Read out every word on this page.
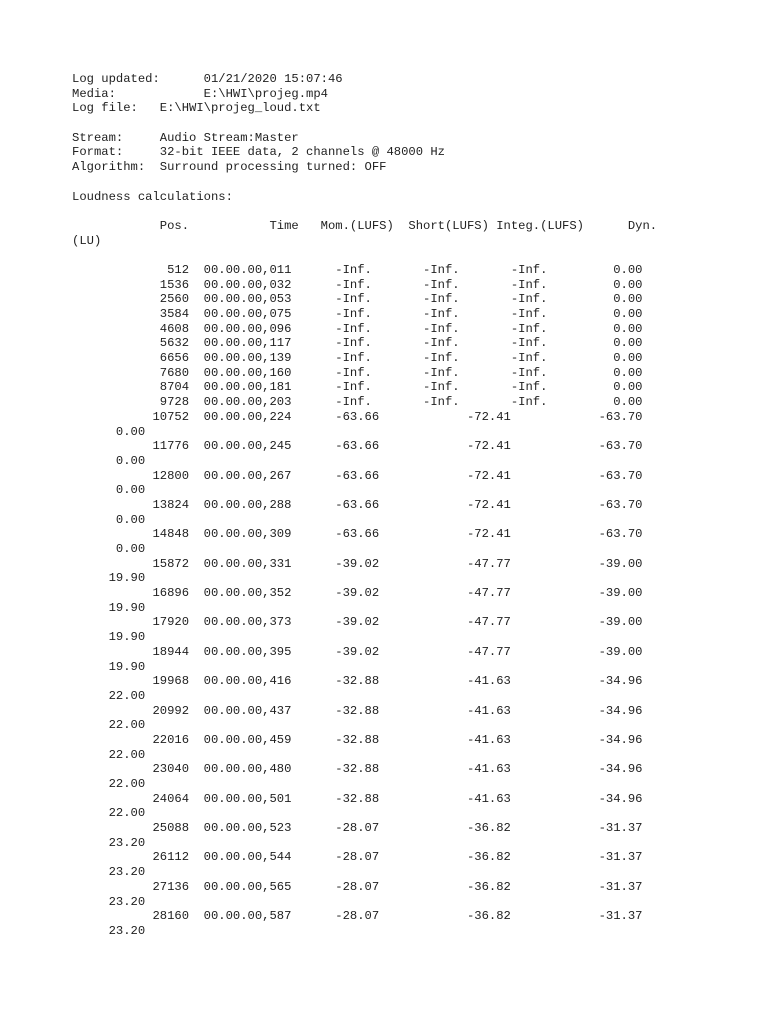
Log updated:      01/21/2020 15:07:46
Media:            E:\HWI\projeg.mp4
Log file:   E:\HWI\projeg_loud.txt
Stream:     Audio Stream:Master
Format:     32-bit IEEE data, 2 channels @ 48000 Hz
Algorithm:  Surround processing turned: OFF
Loudness calculations:
Pos.           Time   Mom.(LUFS)  Short(LUFS) Integ.(LUFS)      Dyn.
(LU)
512  00.00.00,011      -Inf.       -Inf.       -Inf.         0.00
1536  00.00.00,032      -Inf.       -Inf.       -Inf.         0.00
2560  00.00.00,053      -Inf.       -Inf.       -Inf.         0.00
3584  00.00.00,075      -Inf.       -Inf.       -Inf.         0.00
4608  00.00.00,096      -Inf.       -Inf.       -Inf.         0.00
5632  00.00.00,117      -Inf.       -Inf.       -Inf.         0.00
6656  00.00.00,139      -Inf.       -Inf.       -Inf.         0.00
7680  00.00.00,160      -Inf.       -Inf.       -Inf.         0.00
8704  00.00.00,181      -Inf.       -Inf.       -Inf.         0.00
9728  00.00.00,203      -Inf.       -Inf.       -Inf.         0.00
10752  00.00.00,224      -63.66            -72.41            -63.70
0.00
11776  00.00.00,245      -63.66            -72.41            -63.70
0.00
12800  00.00.00,267      -63.66            -72.41            -63.70
0.00
13824  00.00.00,288      -63.66            -72.41            -63.70
0.00
14848  00.00.00,309      -63.66            -72.41            -63.70
0.00
15872  00.00.00,331      -39.02            -47.77            -39.00
19.90
16896  00.00.00,352      -39.02            -47.77            -39.00
19.90
17920  00.00.00,373      -39.02            -47.77            -39.00
19.90
18944  00.00.00,395      -39.02            -47.77            -39.00
19.90
19968  00.00.00,416      -32.88            -41.63            -34.96
22.00
20992  00.00.00,437      -32.88            -41.63            -34.96
22.00
22016  00.00.00,459      -32.88            -41.63            -34.96
22.00
23040  00.00.00,480      -32.88            -41.63            -34.96
22.00
24064  00.00.00,501      -32.88            -41.63            -34.96
22.00
25088  00.00.00,523      -28.07            -36.82            -31.37
23.20
26112  00.00.00,544      -28.07            -36.82            -31.37
23.20
27136  00.00.00,565      -28.07            -36.82            -31.37
23.20
28160  00.00.00,587      -28.07            -36.82            -31.37
23.20
